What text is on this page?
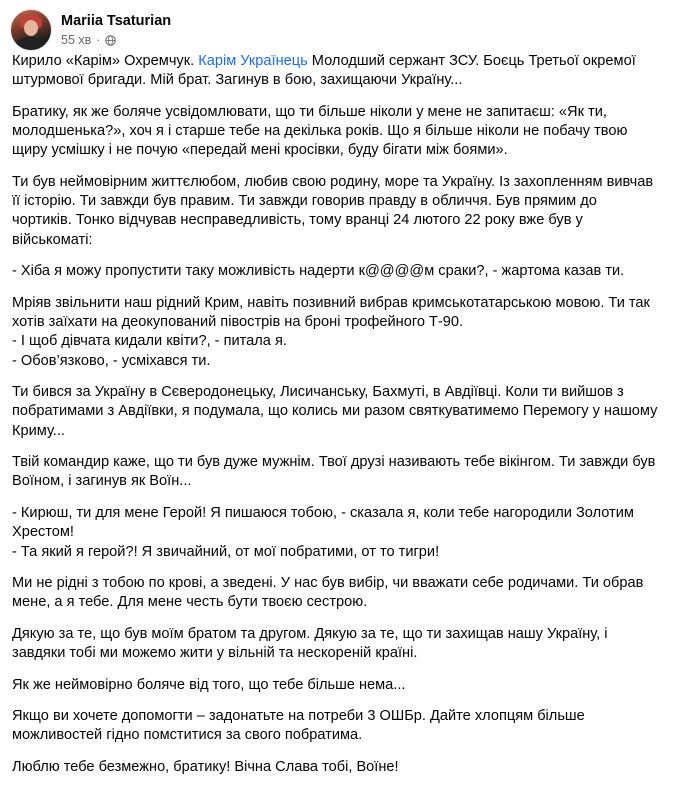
Mariia Tsaturian
55 хв ·

Кирило «Карім» Охремчук. Карім Українець Молодший сержант ЗСУ. Боєць Третьої окремої штурмової бригади. Мій брат. Загинув в бою, захищаючи Україну...

Братику, як же боляче усвідомлювати, що ти більше ніколи у мене не запитаєш: «Як ти, молодшенька?», хоч я і старше тебе на декілька років. Що я більше ніколи не побачу твою щиру усмішку і не почую «передай мені кросівки, буду бігати між боями».

Ти був неймовірним життєлюбом, любив свою родину, море та Україну. Із захопленням вивчав її історію. Ти завжди був правим. Ти завжди говорив правду в обличчя. Був прямим до чортиків. Тонко відчував несправедливість, тому вранці 24 лютого 22 року вже був у військоматі:

- Хіба я можу пропустити таку можливість надерти к@@@@м сраки?, - жартома казав ти.

Мріяв звільнити наш рідний Крим, навіть позивний вибрав кримськотатарською мовою. Ти так хотів заїхати на деокупований півострів на броні трофейного Т-90.
- І щоб дівчата кидали квіти?, - питала я.
- Обов’язково, - усміхався ти.

Ти бився за Україну в Сєверодонецьку, Лисичанську, Бахмуті, в Авдіївці. Коли ти вийшов з побратимами з Авдіївки, я подумала, що колись ми разом святкуватимемо Перемогу у нашому Криму...

Твій командир каже, що ти був дуже мужнім. Твої друзі називають тебе вікінгом. Ти завжди був Воїном, і загинув як Воїн...

- Кирюш, ти для мене Герой! Я пишаюся тобою, - сказала я, коли тебе нагородили Золотим Хрестом!
- Та який я герой?! Я звичайний, от мої побратими, от то тигри!

Ми не рідні з тобою по крові, а зведені. У нас був вибір, чи вважати себе родичами. Ти обрав мене, а я тебе. Для мене честь бути твоєю сестрою.

Дякую за те, що був моїм братом та другом. Дякую за те, що ти захищав нашу Україну, і завдяки тобі ми можемо жити у вільній та нескореній країні.

Як же неймовірно боляче від того, що тебе більше нема...

Якщо ви хочете допомогти – задонатьте на потреби 3 ОШБр. Дайте хлопцям більше можливостей гідно помститися за свого побратима.

Люблю тебе безмежно, братику! Вічна Слава тобі, Воїне!
